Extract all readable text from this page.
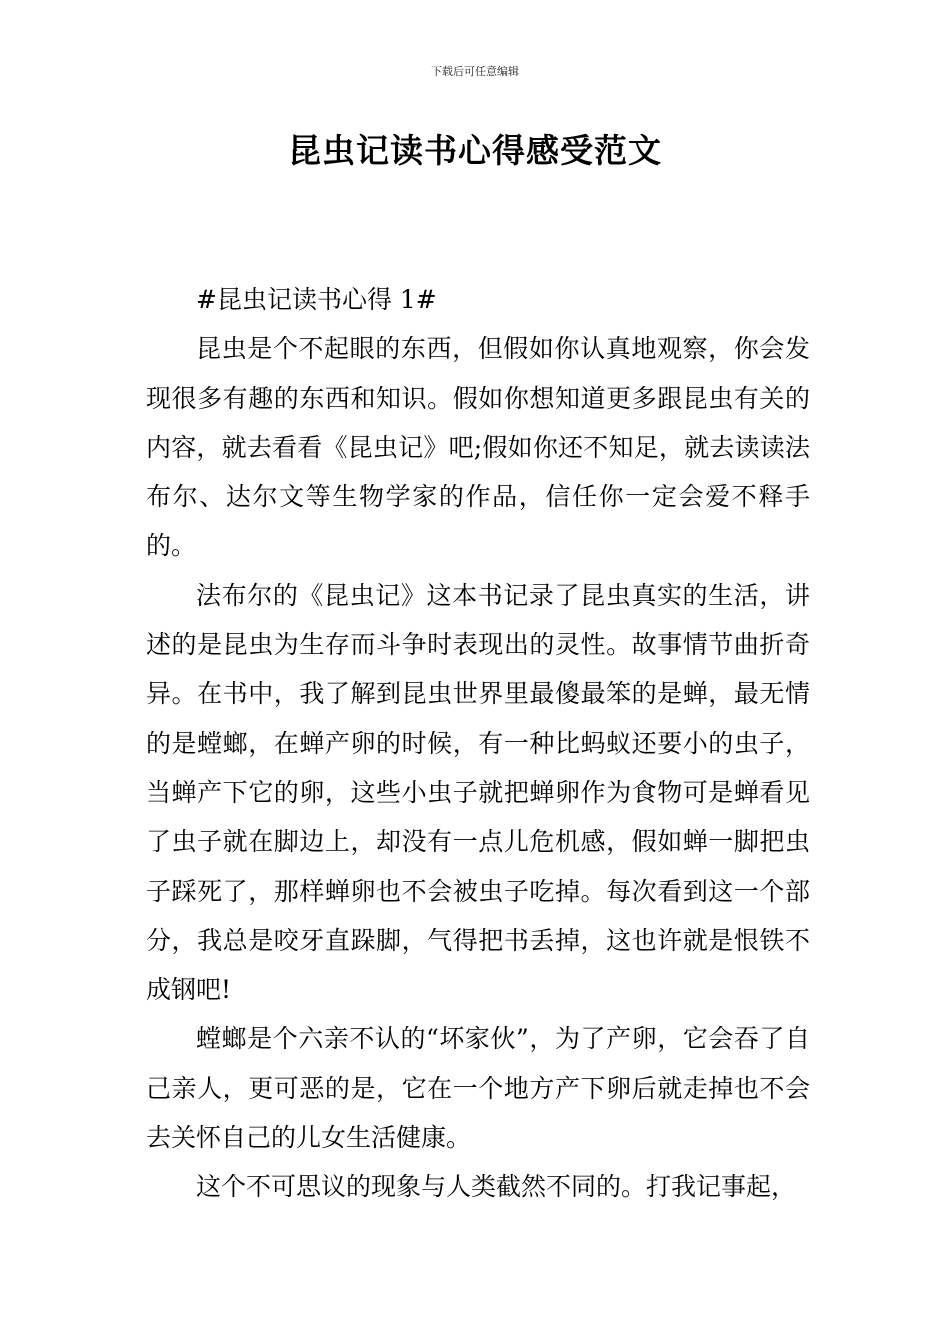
下载后可任意编辑
昆虫记读书心得感受范文

#昆虫记读书心得 1#

昆虫是个不起眼的东西，但假如你认真地观察，你会发现很多有趣的东西和知识。假如你想知道更多跟昆虫有关的内容，就去看看《昆虫记》吧;假如你还不知足，就去读读法布尔、达尔文等生物学家的作品，信任你一定会爱不释手的。

法布尔的《昆虫记》这本书记录了昆虫真实的生活，讲述的是昆虫为生存而斗争时表现出的灵性。故事情节曲折奇异。在书中，我了解到昆虫世界里最傻最笨的是蝉，最无情的是螳螂，在蝉产卵的时候，有一种比蚂蚁还要小的虫子，当蝉产下它的卵，这些小虫子就把蝉卵作为食物可是蝉看见了虫子就在脚边上，却没有一点儿危机感，假如蝉一脚把虫子踩死了，那样蝉卵也不会被虫子吃掉。每次看到这一个部分，我总是咬牙直跺脚，气得把书丢掉，这也许就是恨铁不成钢吧!

螳螂是个六亲不认的“坏家伙”，为了产卵，它会吞了自己亲人，更可恶的是，它在一个地方产下卵后就走掉也不会去关怀自己的儿女生活健康。

这个不可思议的现象与人类截然不同的。打我记事起，
